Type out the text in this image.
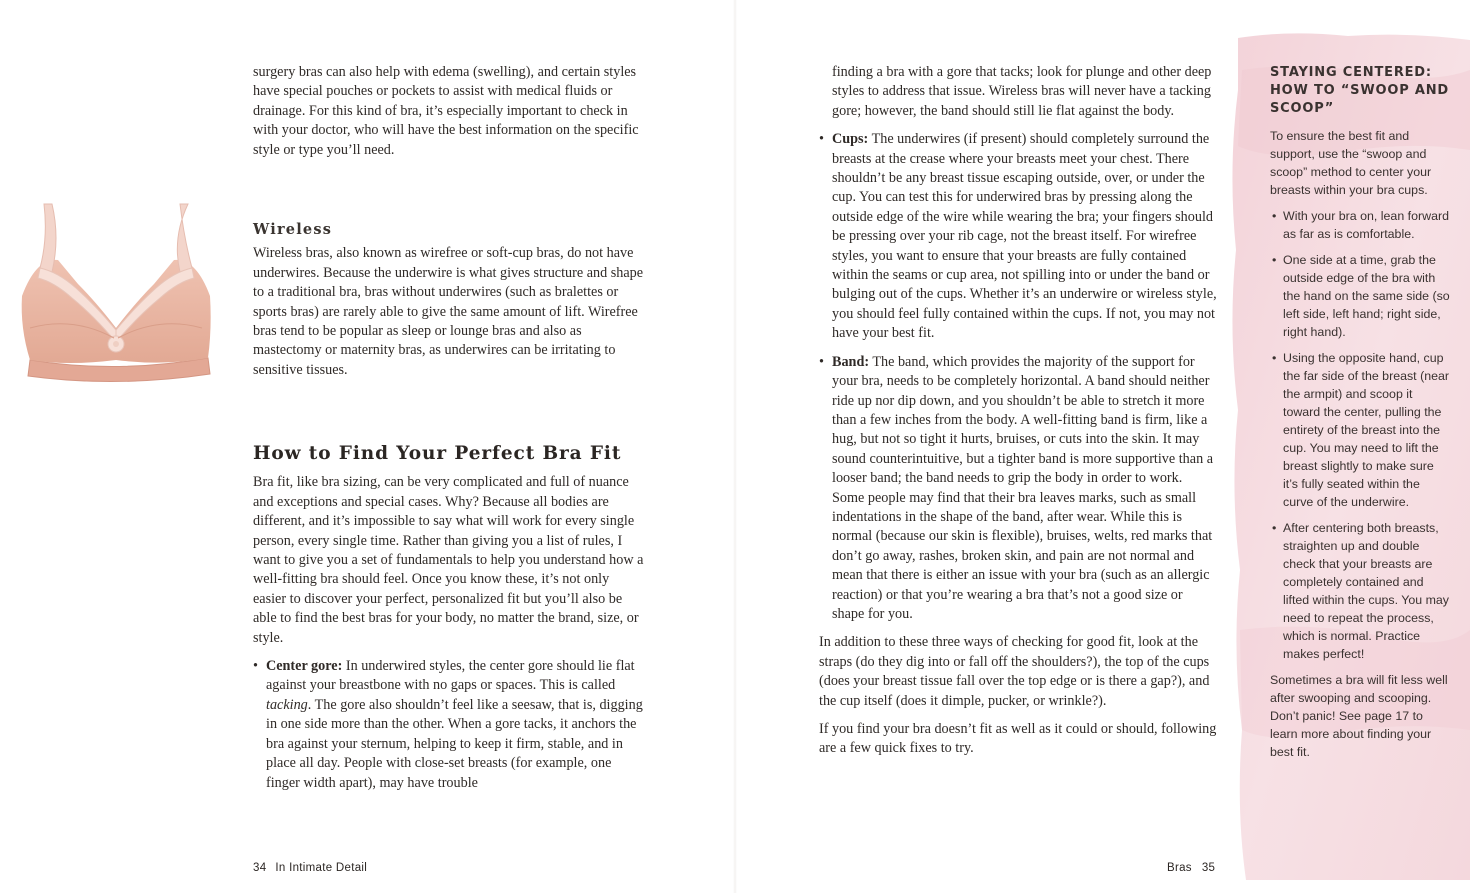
surgery bras can also help with edema (swelling), and certain styles have special pouches or pockets to assist with medical fluids or drainage. For this kind of bra, it’s especially important to check in with your doctor, who will have the best information on the specific style or type you’ll need.

Wireless

Wireless bras, also known as wirefree or soft-cup bras, do not have underwires. Because the underwire is what gives structure and shape to a traditional bra, bras without underwires (such as bralettes or sports bras) are rarely able to give the same amount of lift. Wirefree bras tend to be popular as sleep or lounge bras and also as mastectomy or maternity bras, as underwires can be irritating to sensitive tissues.

How to Find Your Perfect Bra Fit

Bra fit, like bra sizing, can be very complicated and full of nuance and exceptions and special cases. Why? Because all bodies are different, and it’s impossible to say what will work for every single person, every single time. Rather than giving you a list of rules, I want to give you a set of fundamentals to help you understand how a well-fitting bra should feel. Once you know these, it’s not only easier to discover your perfect, personalized fit but you’ll also be able to find the best bras for your body, no matter the brand, size, or style.

• Center gore: In underwired styles, the center gore should lie flat against your breastbone with no gaps or spaces. This is called tacking. The gore also shouldn’t feel like a seesaw, that is, digging in one side more than the other. When a gore tacks, it anchors the bra against your sternum, helping to keep it firm, stable, and in place all day. People with close-set breasts (for example, one finger width apart), may have trouble
34 In Intimate Detail

finding a bra with a gore that tacks; look for plunge and other deep styles to address that issue. Wireless bras will never have a tacking gore; however, the band should still lie flat against the body.

• Cups: The underwires (if present) should completely surround the breasts at the crease where your breasts meet your chest. There shouldn’t be any breast tissue escaping outside, over, or under the cup. You can test this for underwired bras by pressing along the outside edge of the wire while wearing the bra; your fingers should be pressing over your rib cage, not the breast itself. For wirefree styles, you want to ensure that your breasts are fully contained within the seams or cup area, not spilling into or under the band or bulging out of the cups. Whether it’s an underwire or wireless style, you should feel fully contained within the cups. If not, you may not have your best fit.
• Band: The band, which provides the majority of the support for your bra, needs to be completely horizontal. A band should neither ride up nor dip down, and you shouldn’t be able to stretch it more than a few inches from the body. A well-fitting band is firm, like a hug, but not so tight it hurts, bruises, or cuts into the skin. It may sound counterintuitive, but a tighter band is more supportive than a looser band; the band needs to grip the body in order to work. Some people may find that their bra leaves marks, such as small indentations in the shape of the band, after wear. While this is normal (because our skin is flexible), bruises, welts, red marks that don’t go away, rashes, broken skin, and pain are not normal and mean that there is either an issue with your bra (such as an allergic reaction) or that you’re wearing a bra that’s not a good size or shape for you.

In addition to these three ways of checking for good fit, look at the straps (do they dig into or fall off the shoulders?), the top of the cups (does your breast tissue fall over the top edge or is there a gap?), and the cup itself (does it dimple, pucker, or wrinkle?).

If you find your bra doesn’t fit as well as it could or should, following are a few quick fixes to try.

STAYING CENTERED: HOW TO “SWOOP AND SCOOP”

To ensure the best fit and support, use the “swoop and scoop” method to center your breasts within your bra cups.

• With your bra on, lean forward as far as is comfortable.
• One side at a time, grab the outside edge of the bra with the hand on the same side (so left side, left hand; right side, right hand).
• Using the opposite hand, cup the far side of the breast (near the armpit) and scoop it toward the center, pulling the entirety of the breast into the cup. You may need to lift the breast slightly to make sure it’s fully seated within the curve of the underwire.
• After centering both breasts, straighten up and double check that your breasts are completely contained and lifted within the cups. You may need to repeat the process, which is normal. Practice makes perfect!

Sometimes a bra will fit less well after swooping and scooping. Don’t panic! See page 17 to learn more about finding your best fit.

Bras 35
